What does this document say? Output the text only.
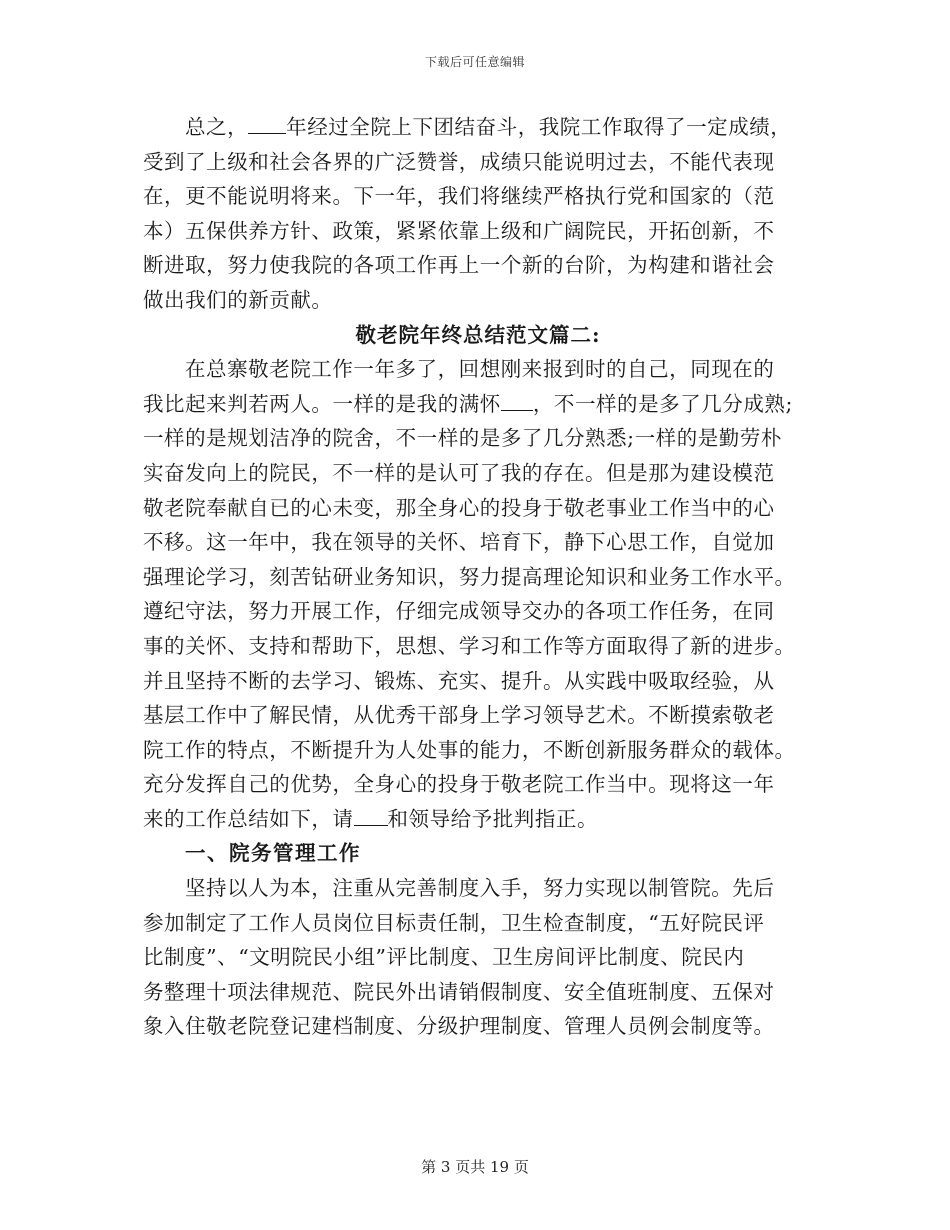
下载后可任意编辑
总之， 年经过全院上下团结奋斗，我院工作取得了一定成绩，
受到了上级和社会各界的广泛赞誉，成绩只能说明过去，不能代表现
在，更不能说明将来。下一年，我们将继续严格执行党和国家的（范
本）五保供养方针、政策，紧紧依靠上级和广阔院民，开拓创新，不
断进取，努力使我院的各项工作再上一个新的台阶，为构建和谐社会
做出我们的新贡献。
敬老院年终总结范文篇二:
在总寨敬老院工作一年多了，回想刚来报到时的自己，同现在的
我比起来判若两人。一样的是我的满怀 ，不一样的是多了几分成熟;
一样的是规划洁净的院舍，不一样的是多了几分熟悉;一样的是勤劳朴
实奋发向上的院民，不一样的是认可了我的存在。但是那为建设模范
敬老院奉献自已的心未变，那全身心的投身于敬老事业工作当中的心
不移。这一年中，我在领导的关怀、培育下，静下心思工作，自觉加
强理论学习，刻苦钻研业务知识，努力提高理论知识和业务工作水平。
遵纪守法，努力开展工作，仔细完成领导交办的各项工作任务，在同
事的关怀、支持和帮助下，思想、学习和工作等方面取得了新的进步。
并且坚持不断的去学习、锻炼、充实、提升。从实践中吸取经验，从
基层工作中了解民情，从优秀干部身上学习领导艺术。不断摸索敬老
院工作的特点，不断提升为人处事的能力，不断创新服务群众的载体。
充分发挥自己的优势，全身心的投身于敬老院工作当中。现将这一年
来的工作总结如下，请 和领导给予批判指正。
一、院务管理工作
坚持以人为本，注重从完善制度入手，努力实现以制管院。先后
参加制定了工作人员岗位目标责任制，卫生检查制度，“五好院民评
比制度”、“文明院民小组”评比制度、卫生房间评比制度、院民内
务整理十项法律规范、院民外出请销假制度、安全值班制度、五保对
象入住敬老院登记建档制度、分级护理制度、管理人员例会制度等。
第 3 页共 19 页
